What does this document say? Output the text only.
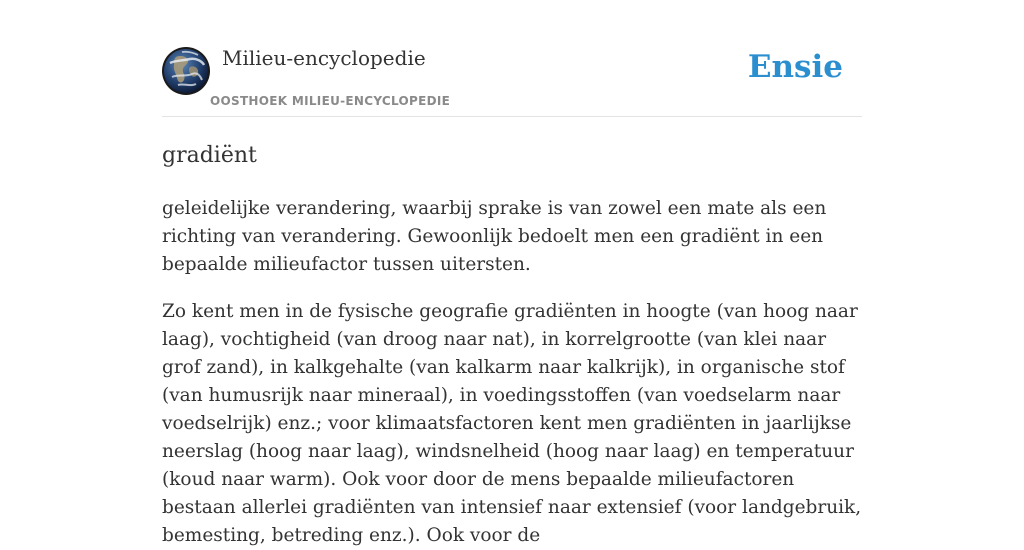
Milieu-encyclopedie
OOSTHOEK MILIEU-ENCYCLOPEDIE
Ensie
gradiënt

geleidelijke verandering, waarbij sprake is van zowel een mate als een richting van verandering. Gewoonlijk bedoelt men een gradiënt in een bepaalde milieufactor tussen uitersten.

Zo kent men in de fysische geografie gradiënten in hoogte (van hoog naar laag), vochtigheid (van droog naar nat), in korrelgrootte (van klei naar grof zand), in kalkgehalte (van kalkarm naar kalkrijk), in organische stof (van humusrijk naar mineraal), in voedingsstoffen (van voedselarm naar voedselrijk) enz.; voor klimaatsfactoren kent men gradiënten in jaarlijkse neerslag (hoog naar laag), windsnelheid (hoog naar laag) en temperatuur (koud naar warm). Ook voor door de mens bepaalde milieufactoren bestaan allerlei gradiënten van intensief naar extensief (voor landgebruik, bemesting, betreding enz.). Ook voor de
